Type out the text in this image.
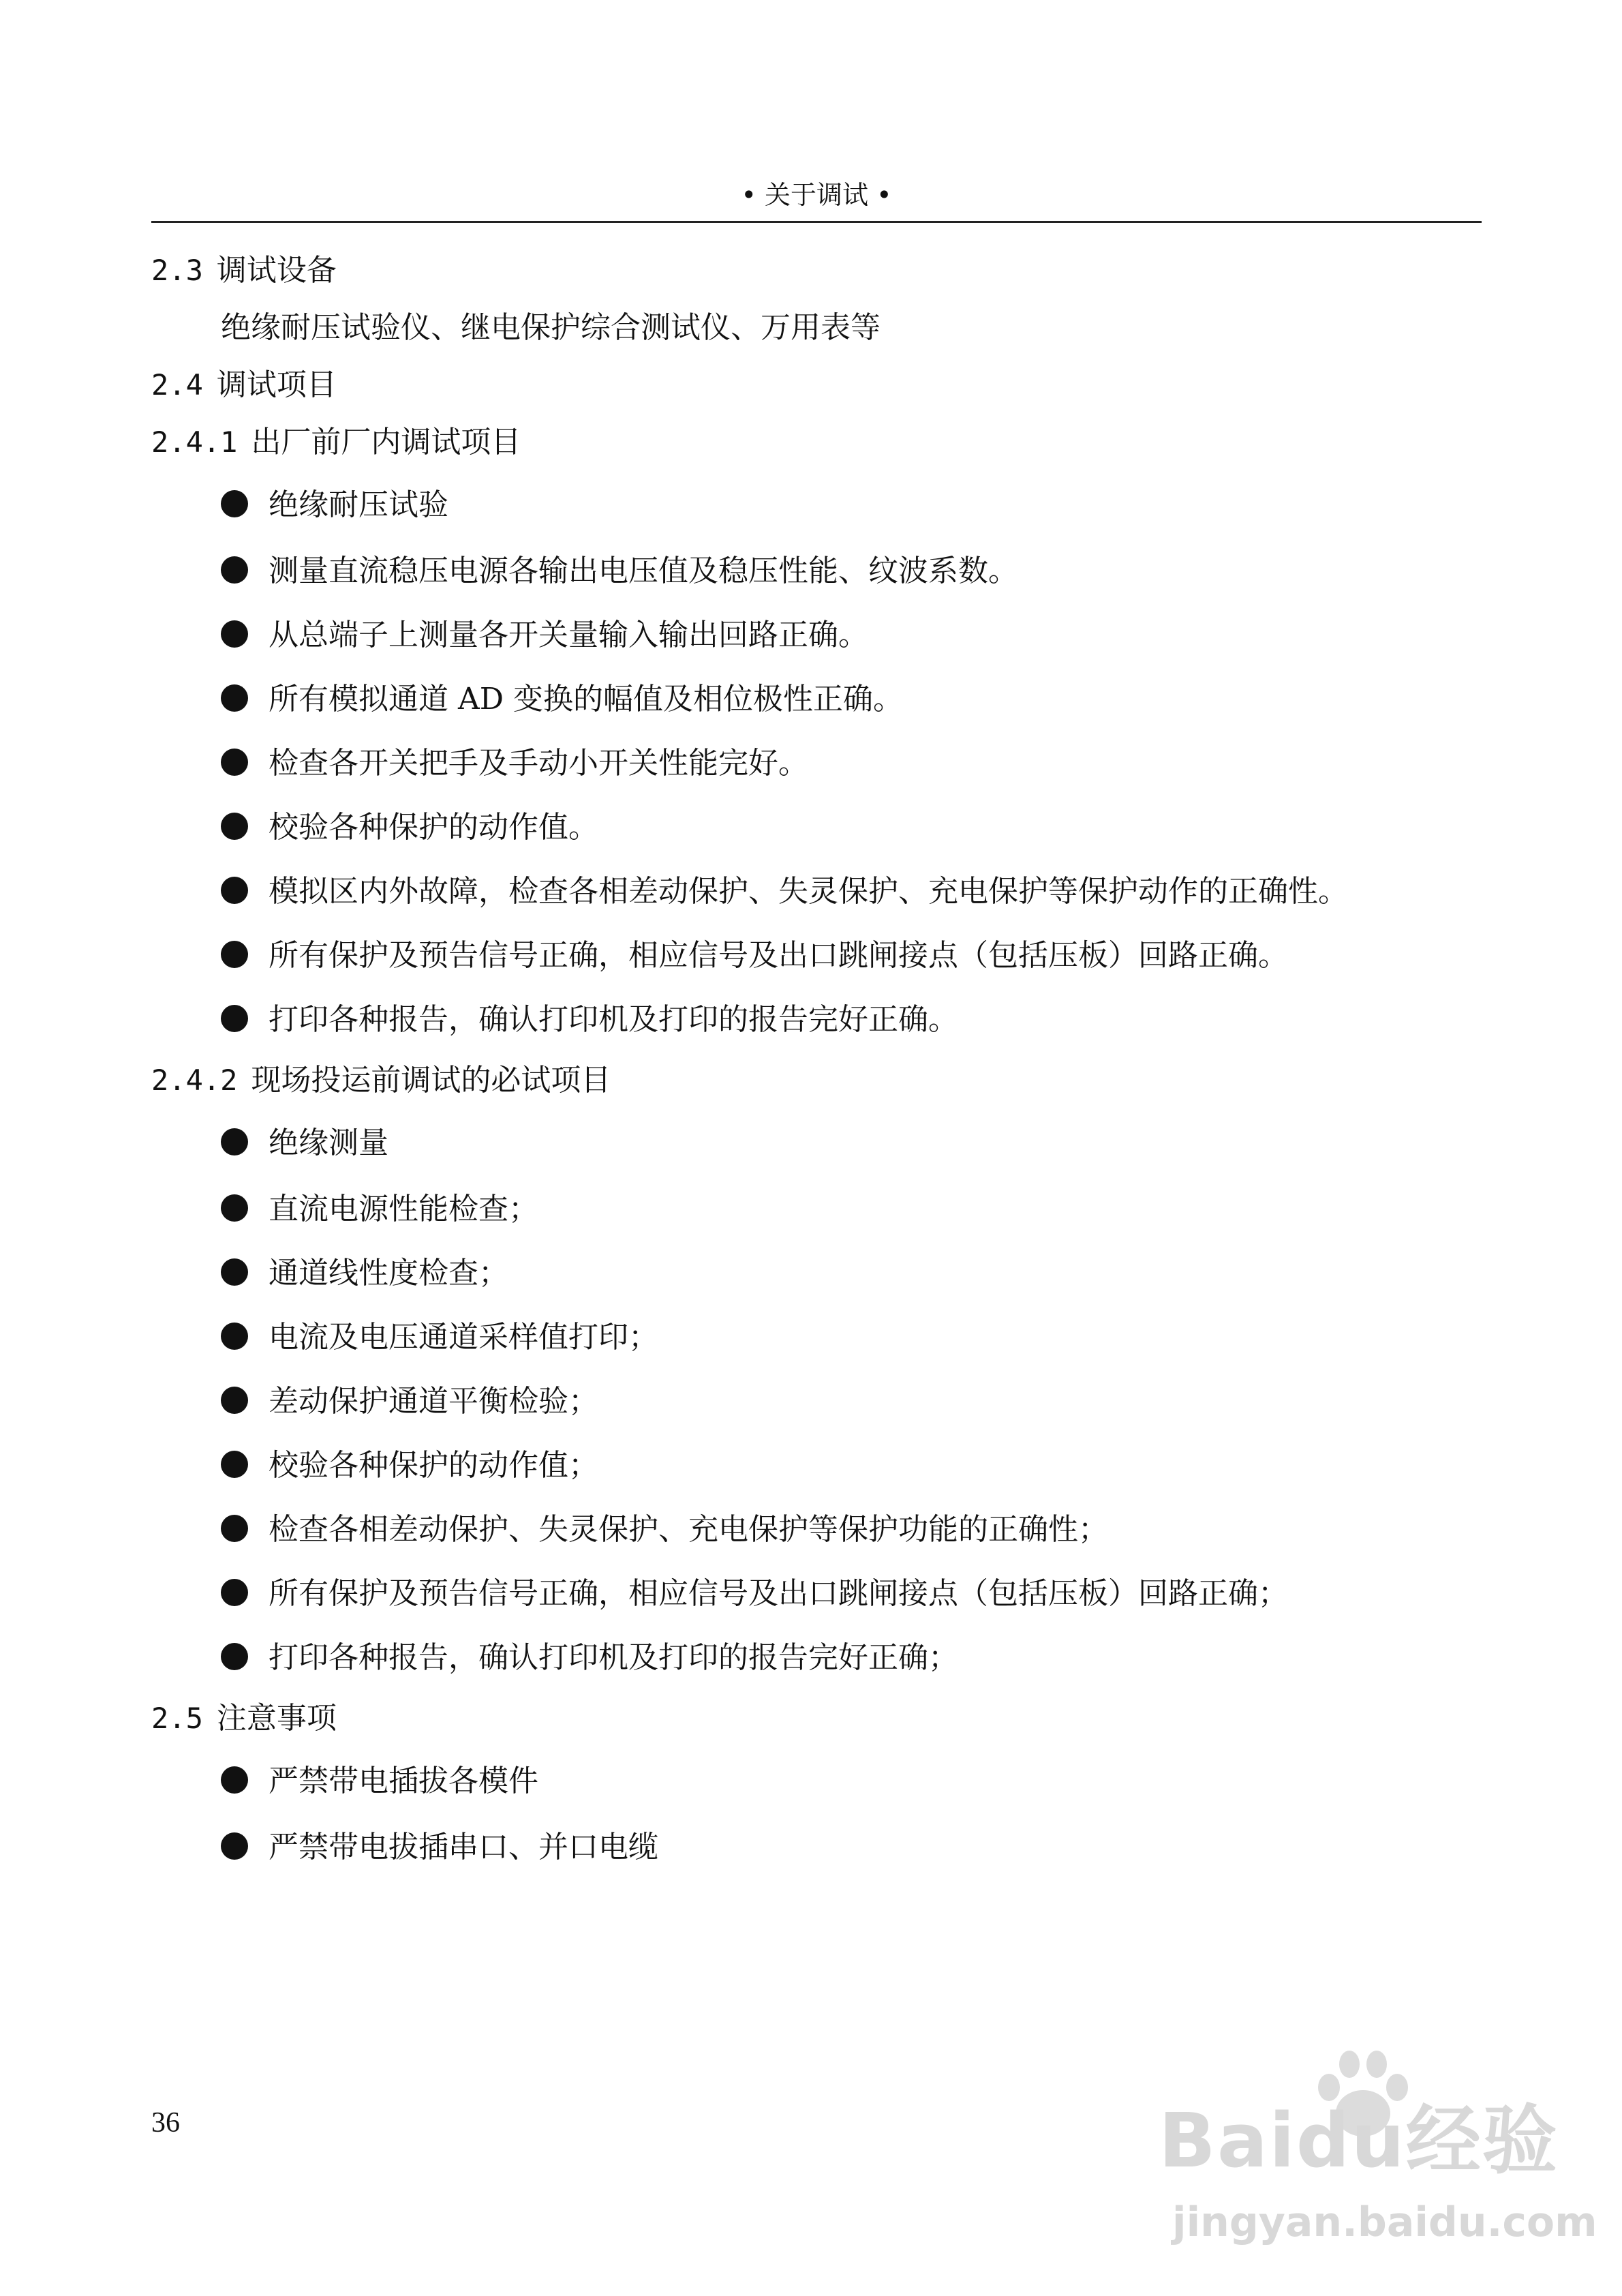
• 关于调试 •
2.3 调试设备
绝缘耐压试验仪、继电保护综合测试仪、万用表等
2.4 调试项目
2.4.1 出厂前厂内调试项目
绝缘耐压试验
测量直流稳压电源各输出电压值及稳压性能、纹波系数。
从总端子上测量各开关量输入输出回路正确。
所有模拟通道 AD 变换的幅值及相位极性正确。
检查各开关把手及手动小开关性能完好。
校验各种保护的动作值。
模拟区内外故障，检查各相差动保护、失灵保护、充电保护等保护动作的正确性。
所有保护及预告信号正确，相应信号及出口跳闸接点（包括压板）回路正确。
打印各种报告，确认打印机及打印的报告完好正确。
2.4.2 现场投运前调试的必试项目
绝缘测量
直流电源性能检查；
通道线性度检查；
电流及电压通道采样值打印；
差动保护通道平衡检验；
校验各种保护的动作值；
检查各相差动保护、失灵保护、充电保护等保护功能的正确性；
所有保护及预告信号正确，相应信号及出口跳闸接点（包括压板）回路正确；
打印各种报告，确认打印机及打印的报告完好正确；
2.5 注意事项
严禁带电插拔各模件
严禁带电拔插串口、并口电缆
36	Baidu经验
jingyan.baidu.com
